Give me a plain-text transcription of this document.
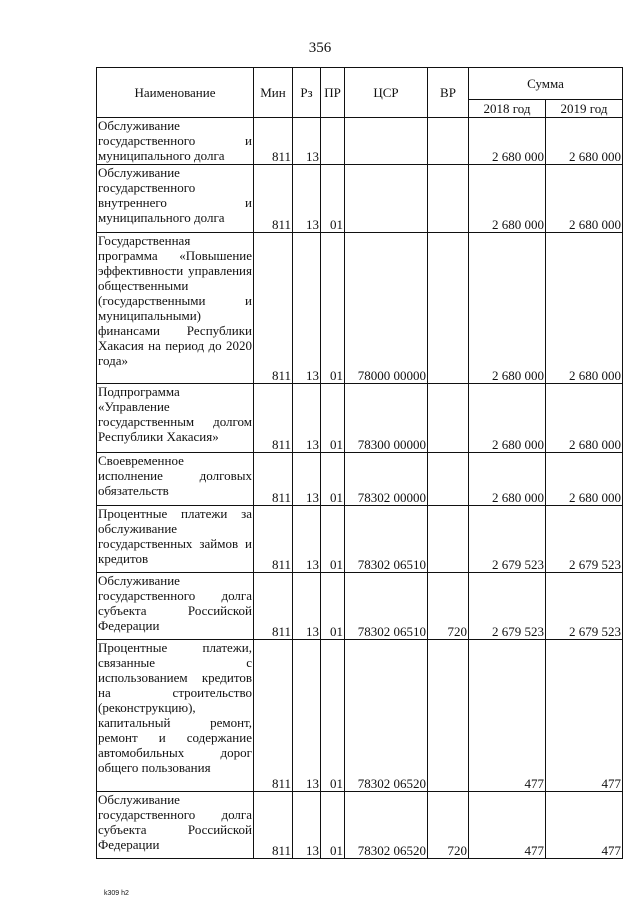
356
Наименование	Мин	Рз	ПР	ЦСР	ВР	Сумма	
						2018 год	2019 год
Обслуживание государственного и муниципального долга	811	13				2 680 000	2 680 000
Обслуживание государственного внутреннего и муниципального долга	811	13	01			2 680 000	2 680 000
Государственная программа «Повышение эффективности управления общественными (государственными и муниципальными) финансами Республики Хакасия на период до 2020 года»	811	13	01	78000 00000		2 680 000	2 680 000
Подпрограмма «Управление государственным долгом Республики Хакасия»	811	13	01	78300 00000		2 680 000	2 680 000
Своевременное исполнение долговых обязательств	811	13	01	78302 00000		2 680 000	2 680 000
Процентные платежи за обслуживание государственных займов и кредитов	811	13	01	78302 06510		2 679 523	2 679 523
Обслуживание государственного долга субъекта Российской Федерации	811	13	01	78302 06510	720	2 679 523	2 679 523
Процентные платежи, связанные с использованием кредитов на строительство (реконструкцию), капитальный ремонт, ремонт и содержание автомобильных дорог общего пользования	811	13	01	78302 06520		477	477
Обслуживание государственного долга субъекта Российской Федерации	811	13	01	78302 06520	720	477	477
k309 h2
